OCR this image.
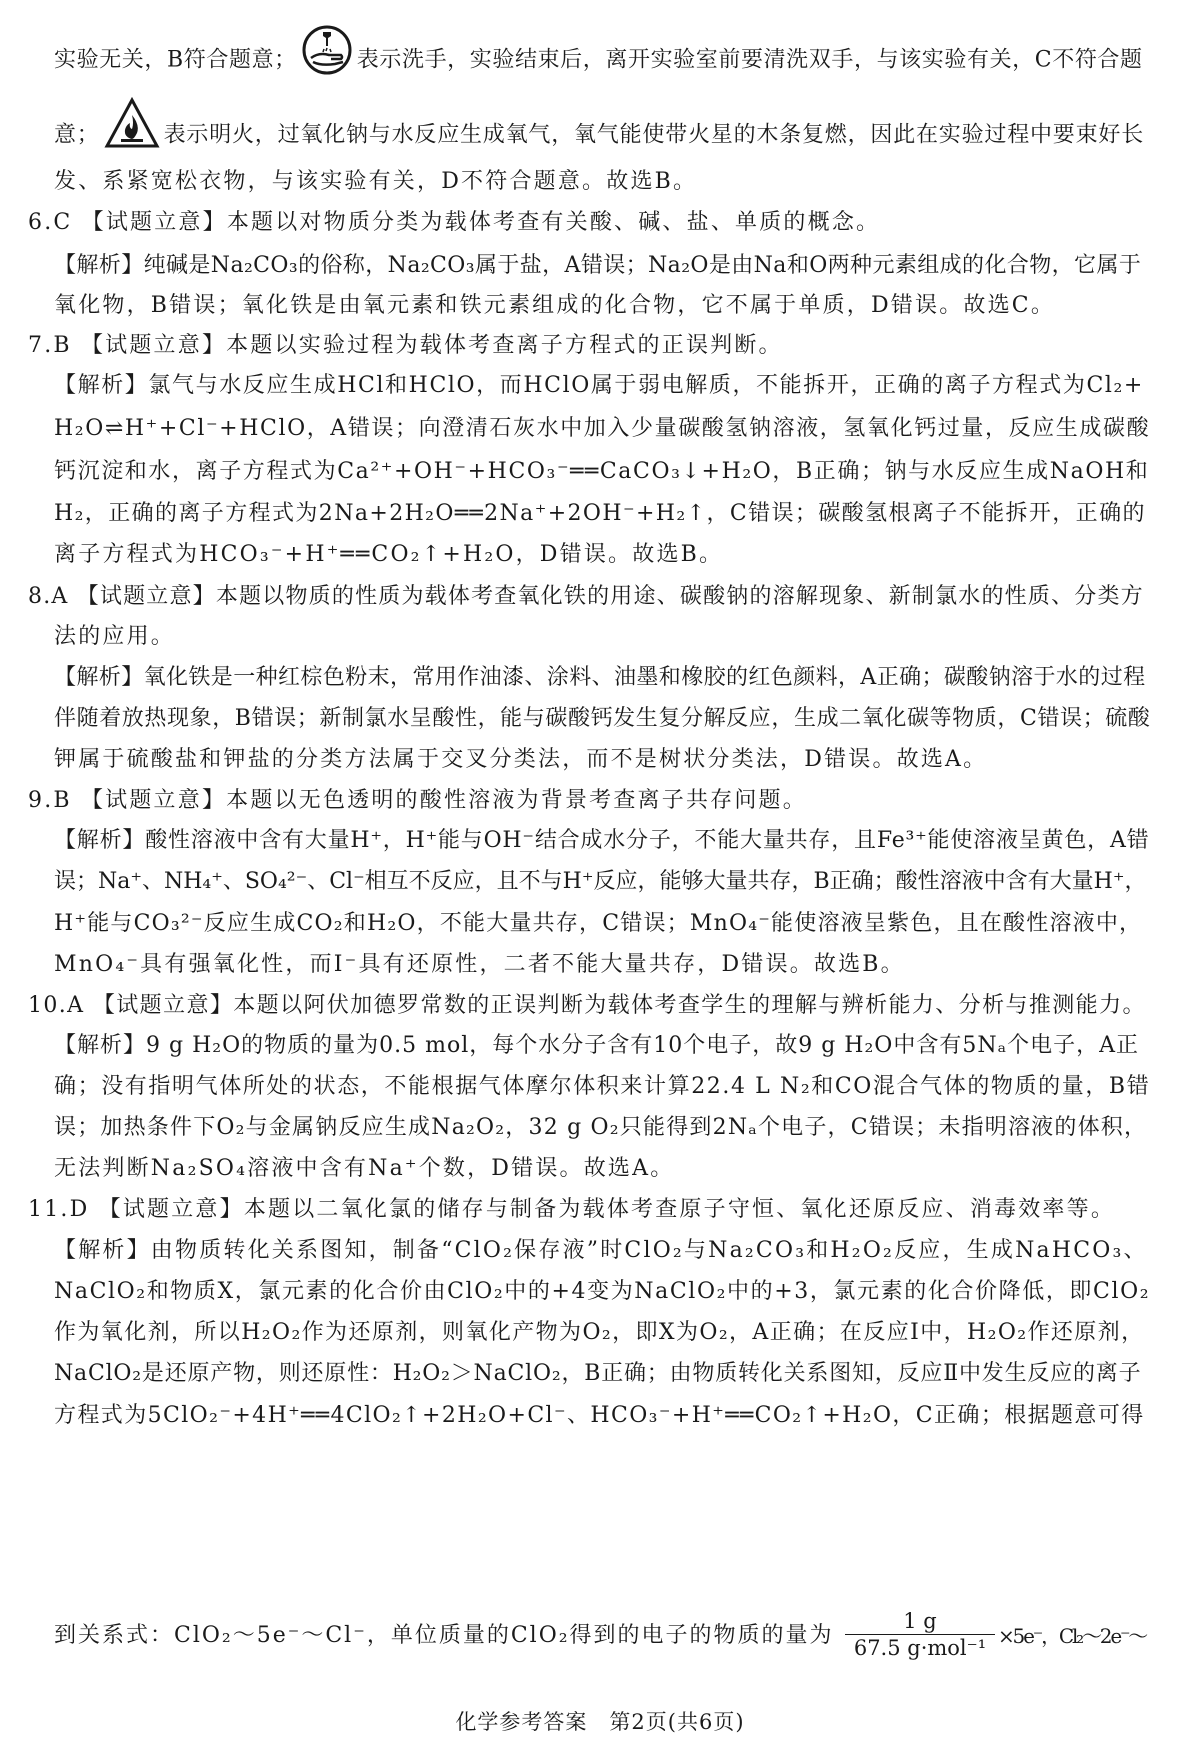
实验无关，B符合题意；	表示洗手，实验结束后，离开实验室前要清洗双手，与该实验有关，C不符合题
意；	表示明火，过氧化钠与水反应生成氧气，氧气能使带火星的木条复燃，因此在实验过程中要束好长
发、系紧宽松衣物，与该实验有关，D不符合题意。故选B。
6.C 【试题立意】本题以对物质分类为载体考查有关酸、碱、盐、单质的概念。
【解析】纯碱是Na₂CO₃的俗称，Na₂CO₃属于盐，A错误；Na₂O是由Na和O两种元素组成的化合物，它属于
氧化物，B错误；氧化铁是由氧元素和铁元素组成的化合物，它不属于单质，D错误。故选C。
7.B 【试题立意】本题以实验过程为载体考查离子方程式的正误判断。
【解析】氯气与水反应生成HCl和HClO，而HClO属于弱电解质，不能拆开，正确的离子方程式为Cl₂+
H₂O⇌H⁺+Cl⁻+HClO，A错误；向澄清石灰水中加入少量碳酸氢钠溶液，氢氧化钙过量，反应生成碳酸
钙沉淀和水，离子方程式为Ca²⁺+OH⁻+HCO₃⁻══CaCO₃↓+H₂O，B正确；钠与水反应生成NaOH和
H₂，正确的离子方程式为2Na+2H₂O══2Na⁺+2OH⁻+H₂↑，C错误；碳酸氢根离子不能拆开，正确的
离子方程式为HCO₃⁻+H⁺══CO₂↑+H₂O，D错误。故选B。
8.A 【试题立意】本题以物质的性质为载体考查氧化铁的用途、碳酸钠的溶解现象、新制氯水的性质、分类方
法的应用。
【解析】氧化铁是一种红棕色粉末，常用作油漆、涂料、油墨和橡胶的红色颜料，A正确；碳酸钠溶于水的过程
伴随着放热现象，B错误；新制氯水呈酸性，能与碳酸钙发生复分解反应，生成二氧化碳等物质，C错误；硫酸
钾属于硫酸盐和钾盐的分类方法属于交叉分类法，而不是树状分类法，D错误。故选A。
9.B 【试题立意】本题以无色透明的酸性溶液为背景考查离子共存问题。
【解析】酸性溶液中含有大量H⁺，H⁺能与OH⁻结合成水分子，不能大量共存，且Fe³⁺能使溶液呈黄色，A错
误；Na⁺、NH₄⁺、SO₄²⁻、Cl⁻相互不反应，且不与H⁺反应，能够大量共存，B正确；酸性溶液中含有大量H⁺，
H⁺能与CO₃²⁻反应生成CO₂和H₂O，不能大量共存，C错误；MnO₄⁻能使溶液呈紫色，且在酸性溶液中，
MnO₄⁻具有强氧化性，而I⁻具有还原性，二者不能大量共存，D错误。故选B。
10.A 【试题立意】本题以阿伏加德罗常数的正误判断为载体考查学生的理解与辨析能力、分析与推测能力。
【解析】9 g H₂O的物质的量为0.5 mol，每个水分子含有10个电子，故9 g H₂O中含有5Nₐ个电子，A正
确；没有指明气体所处的状态，不能根据气体摩尔体积来计算22.4 L N₂和CO混合气体的物质的量，B错
误；加热条件下O₂与金属钠反应生成Na₂O₂，32 g O₂只能得到2Nₐ个电子，C错误；未指明溶液的体积，
无法判断Na₂SO₄溶液中含有Na⁺个数，D错误。故选A。
11.D 【试题立意】本题以二氧化氯的储存与制备为载体考查原子守恒、氧化还原反应、消毒效率等。
【解析】由物质转化关系图知，制备“ClO₂保存液”时ClO₂与Na₂CO₃和H₂O₂反应，生成NaHCO₃、
NaClO₂和物质X，氯元素的化合价由ClO₂中的+4变为NaClO₂中的+3，氯元素的化合价降低，即ClO₂
作为氧化剂，所以H₂O₂作为还原剂，则氧化产物为O₂，即X为O₂，A正确；在反应Ⅰ中，H₂O₂作还原剂，
NaClO₂是还原产物，则还原性：H₂O₂＞NaClO₂，B正确；由物质转化关系图知，反应Ⅱ中发生反应的离子
方程式为5ClO₂⁻+4H⁺══4ClO₂↑+2H₂O+Cl⁻、HCO₃⁻+H⁺══CO₂↑+H₂O，C正确；根据题意可得
到关系式：ClO₂～5e⁻～Cl⁻，单位质量的ClO₂得到的电子的物质的量为
1 g
67.5 g·mol⁻¹ ×5e⁻，Cl₂～2e⁻～
化学参考答案　第2页(共6页)
